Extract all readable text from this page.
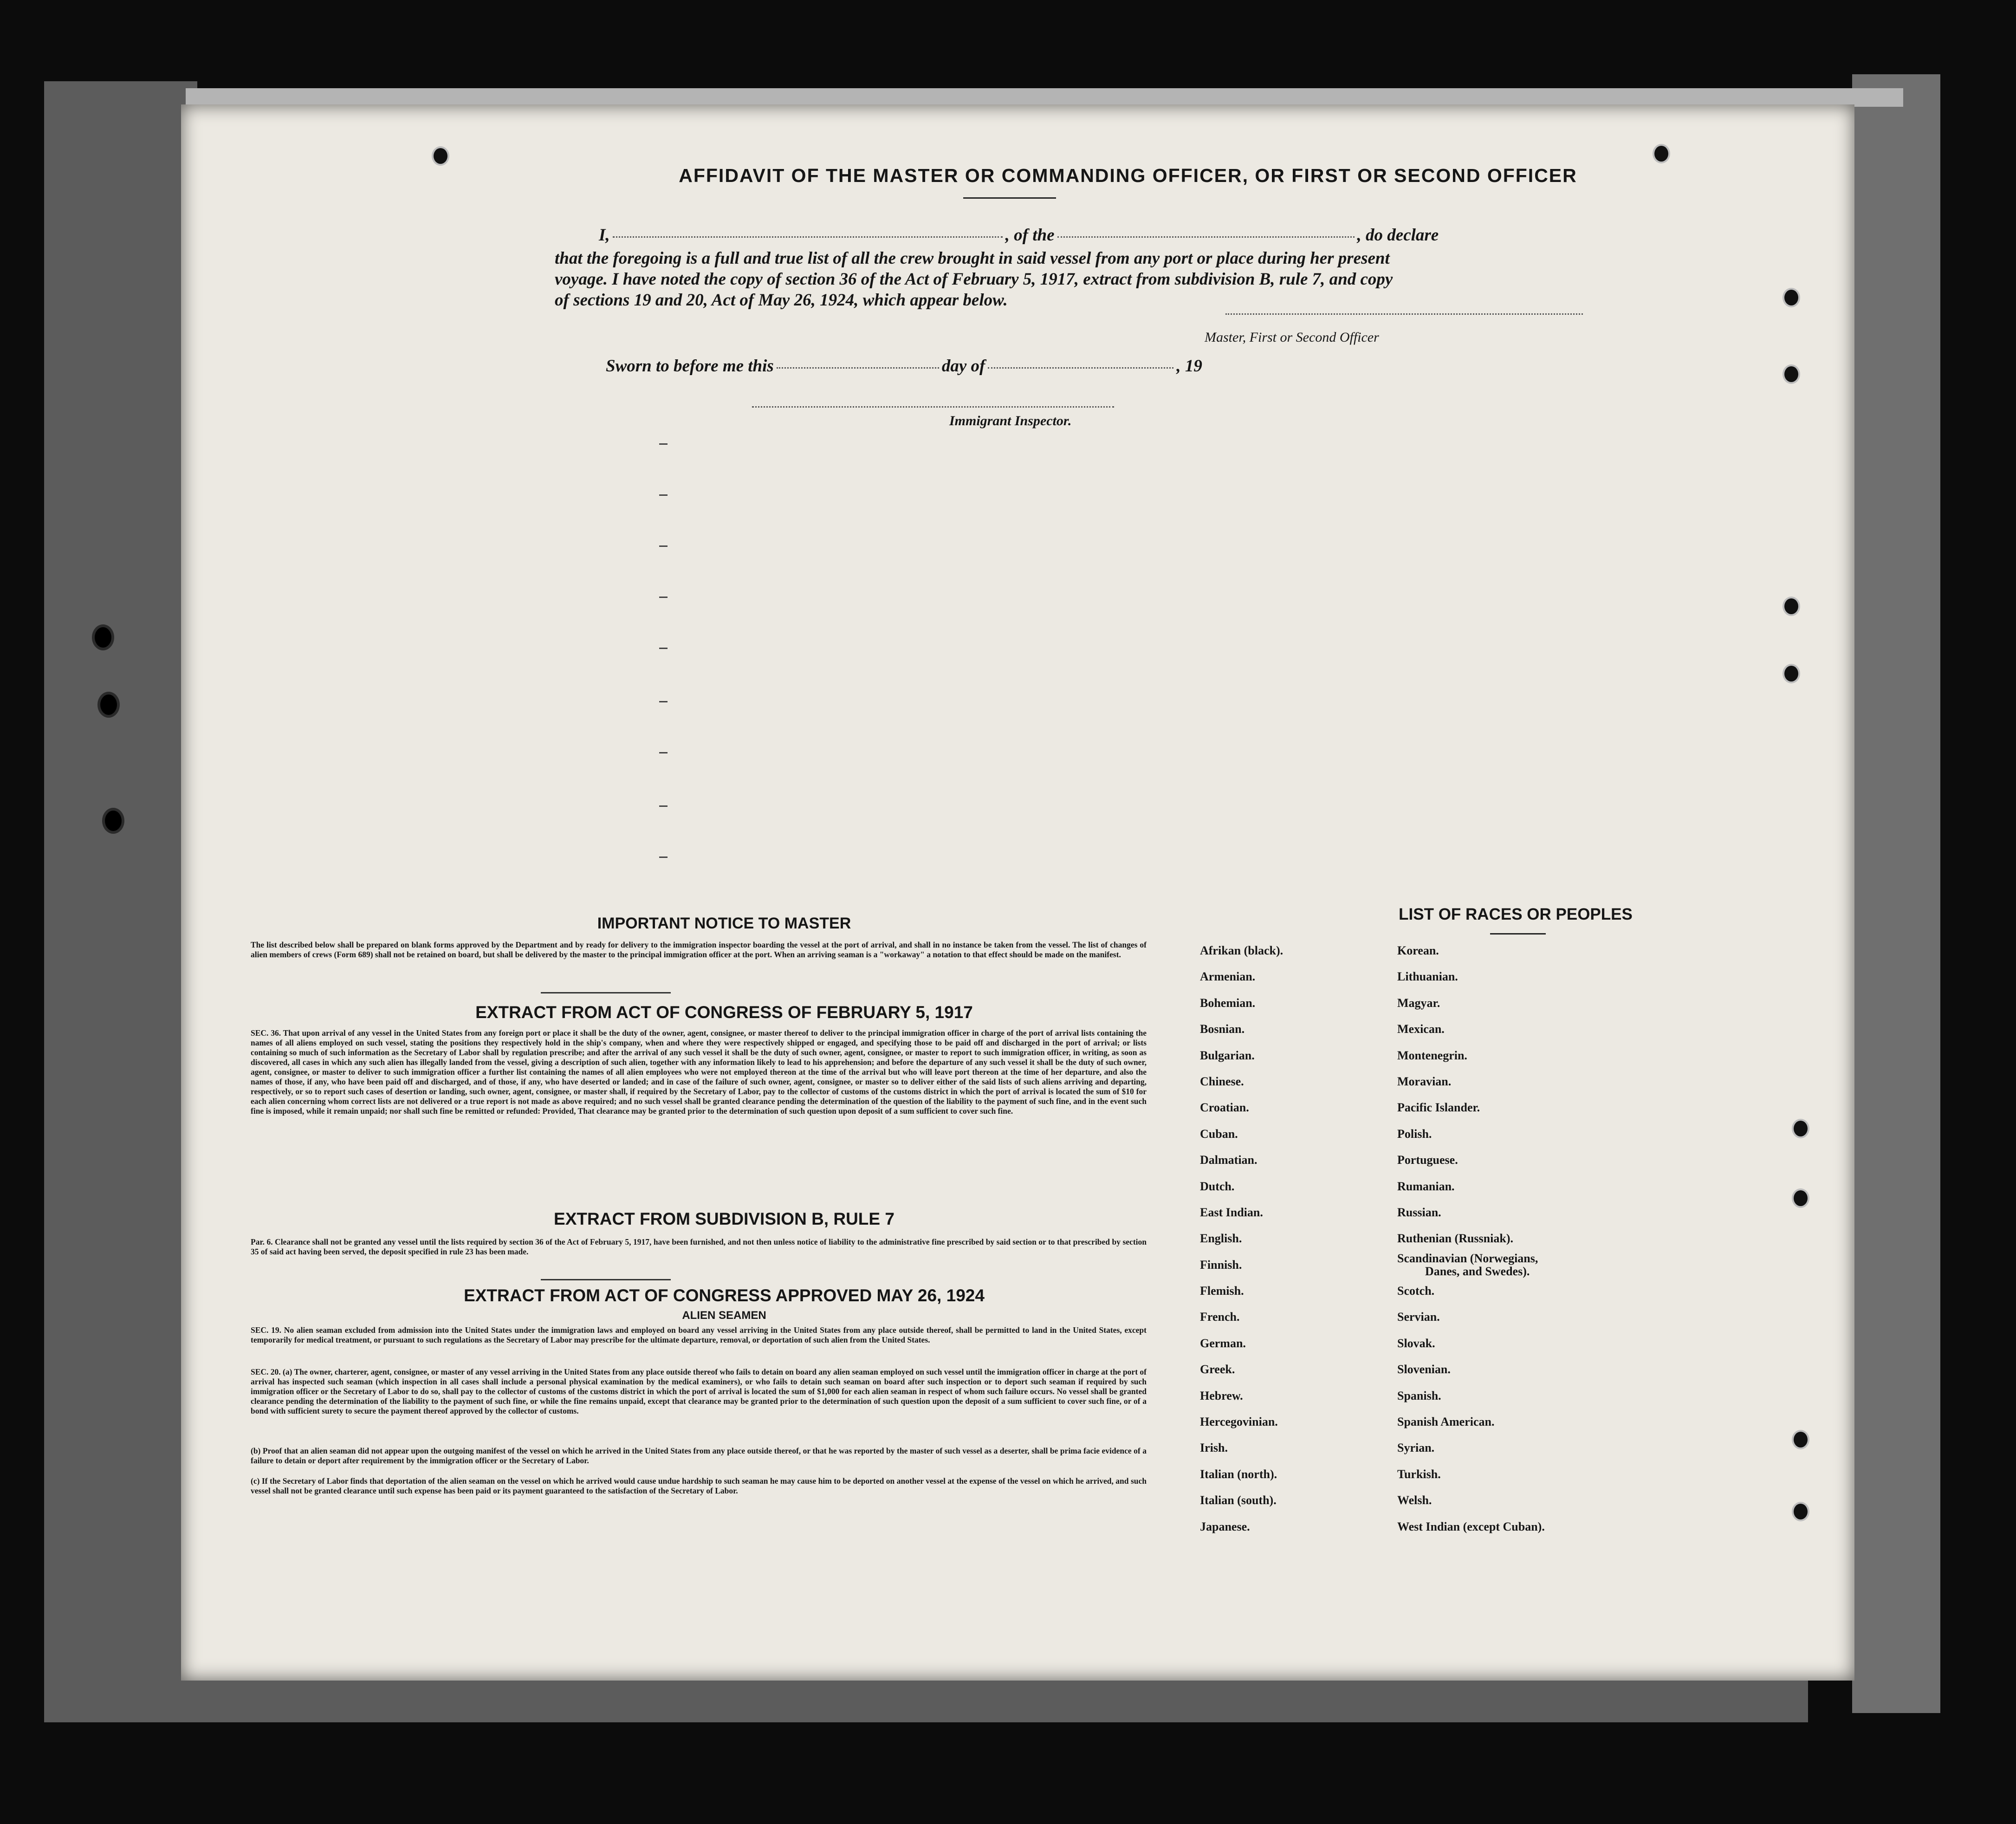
AFFIDAVIT OF THE MASTER OR COMMANDING OFFICER, OR FIRST OR SECOND OFFICER
I,	, of the	, do declare
that the foregoing is a full and true list of all the crew brought in said vessel from any port or place during her present
voyage. I have noted the copy of section 36 of the Act of February 5, 1917, extract from subdivision B, rule 7, and copy
of sections 19 and 20, Act of May 26, 1924, which appear below.
Master, First or Second Officer
Sworn to before me this	day of	, 19
Immigrant Inspector.
IMPORTANT NOTICE TO MASTER
The list described below shall be prepared on blank forms approved by the Department and by ready for delivery to the immigration inspector boarding the vessel at the port of arrival, and shall in no instance be taken from the vessel. The list of changes of alien members of crews (Form 689) shall not be retained on board, but shall be delivered by the master to the principal immigration officer at the port. When an arriving seaman is a "workaway" a notation to that effect should be made on the manifest.
EXTRACT FROM ACT OF CONGRESS OF FEBRUARY 5, 1917
SEC. 36. That upon arrival of any vessel in the United States from any foreign port or place it shall be the duty of the owner, agent, consignee, or master thereof to deliver to the principal immigration officer in charge of the port of arrival lists containing the names of all aliens employed on such vessel, stating the positions they respectively hold in the ship's company, when and where they were respectively shipped or engaged, and specifying those to be paid off and discharged in the port of arrival; or lists containing so much of such information as the Secretary of Labor shall by regulation prescribe; and after the arrival of any such vessel it shall be the duty of such owner, agent, consignee, or master to report to such immigration officer, in writing, as soon as discovered, all cases in which any such alien has illegally landed from the vessel, giving a description of such alien, together with any information likely to lead to his apprehension; and before the departure of any such vessel it shall be the duty of such owner, agent, consignee, or master to deliver to such immigration officer a further list containing the names of all alien employees who were not employed thereon at the time of the arrival but who will leave port thereon at the time of her departure, and also the names of those, if any, who have been paid off and discharged, and of those, if any, who have deserted or landed; and in case of the failure of such owner, agent, consignee, or master so to deliver either of the said lists of such aliens arriving and departing, respectively, or so to report such cases of desertion or landing, such owner, agent, consignee, or master shall, if required by the Secretary of Labor, pay to the collector of customs of the customs district in which the port of arrival is located the sum of $10 for each alien concerning whom correct lists are not delivered or a true report is not made as above required; and no such vessel shall be granted clearance pending the determination of the question of the liability to the payment of such fine, and in the event such fine is imposed, while it remain unpaid; nor shall such fine be remitted or refunded: Provided, That clearance may be granted prior to the determination of such question upon deposit of a sum sufficient to cover such fine.
EXTRACT FROM SUBDIVISION B, RULE 7
Par. 6. Clearance shall not be granted any vessel until the lists required by section 36 of the Act of February 5, 1917, have been furnished, and not then unless notice of liability to the administrative fine prescribed by said section or to that prescribed by section 35 of said act having been served, the deposit specified in rule 23 has been made.
EXTRACT FROM ACT OF CONGRESS APPROVED MAY 26, 1924
ALIEN SEAMEN
SEC. 19. No alien seaman excluded from admission into the United States under the immigration laws and employed on board any vessel arriving in the United States from any place outside thereof, shall be permitted to land in the United States, except temporarily for medical treatment, or pursuant to such regulations as the Secretary of Labor may prescribe for the ultimate departure, removal, or deportation of such alien from the United States.
SEC. 20. (a) The owner, charterer, agent, consignee, or master of any vessel arriving in the United States from any place outside thereof who fails to detain on board any alien seaman employed on such vessel until the immigration officer in charge at the port of arrival has inspected such seaman (which inspection in all cases shall include a personal physical examination by the medical examiners), or who fails to detain such seaman on board after such inspection or to deport such seaman if required by such immigration officer or the Secretary of Labor to do so, shall pay to the collector of customs of the customs district in which the port of arrival is located the sum of $1,000 for each alien seaman in respect of whom such failure occurs. No vessel shall be granted clearance pending the determination of the liability to the payment of such fine, or while the fine remains unpaid, except that clearance may be granted prior to the determination of such question upon the deposit of a sum sufficient to cover such fine, or of a bond with sufficient surety to secure the payment thereof approved by the collector of customs.
(b) Proof that an alien seaman did not appear upon the outgoing manifest of the vessel on which he arrived in the United States from any place outside thereof, or that he was reported by the master of such vessel as a deserter, shall be prima facie evidence of a failure to detain or deport after requirement by the immigration officer or the Secretary of Labor.
(c) If the Secretary of Labor finds that deportation of the alien seaman on the vessel on which he arrived would cause undue hardship to such seaman he may cause him to be deported on another vessel at the expense of the vessel on which he arrived, and such vessel shall not be granted clearance until such expense has been paid or its payment guaranteed to the satisfaction of the Secretary of Labor.
LIST OF RACES OR PEOPLES
Afrikan (black).
Armenian.
Bohemian.
Bosnian.
Bulgarian.
Chinese.
Croatian.
Cuban.
Dalmatian.
Dutch.
East Indian.
English.
Finnish.
Flemish.
French.
German.
Greek.
Hebrew.
Hercegovinian.
Irish.
Italian (north).
Italian (south).
Japanese.
Korean.
Lithuanian.
Magyar.
Mexican.
Montenegrin.
Moravian.
Pacific Islander.
Polish.
Portuguese.
Rumanian.
Russian.
Ruthenian (Russniak).
Scandinavian (Norwegians,
Danes, and Swedes).
Scotch.
Servian.
Slovak.
Slovenian.
Spanish.
Spanish American.
Syrian.
Turkish.
Welsh.
West Indian (except Cuban).
